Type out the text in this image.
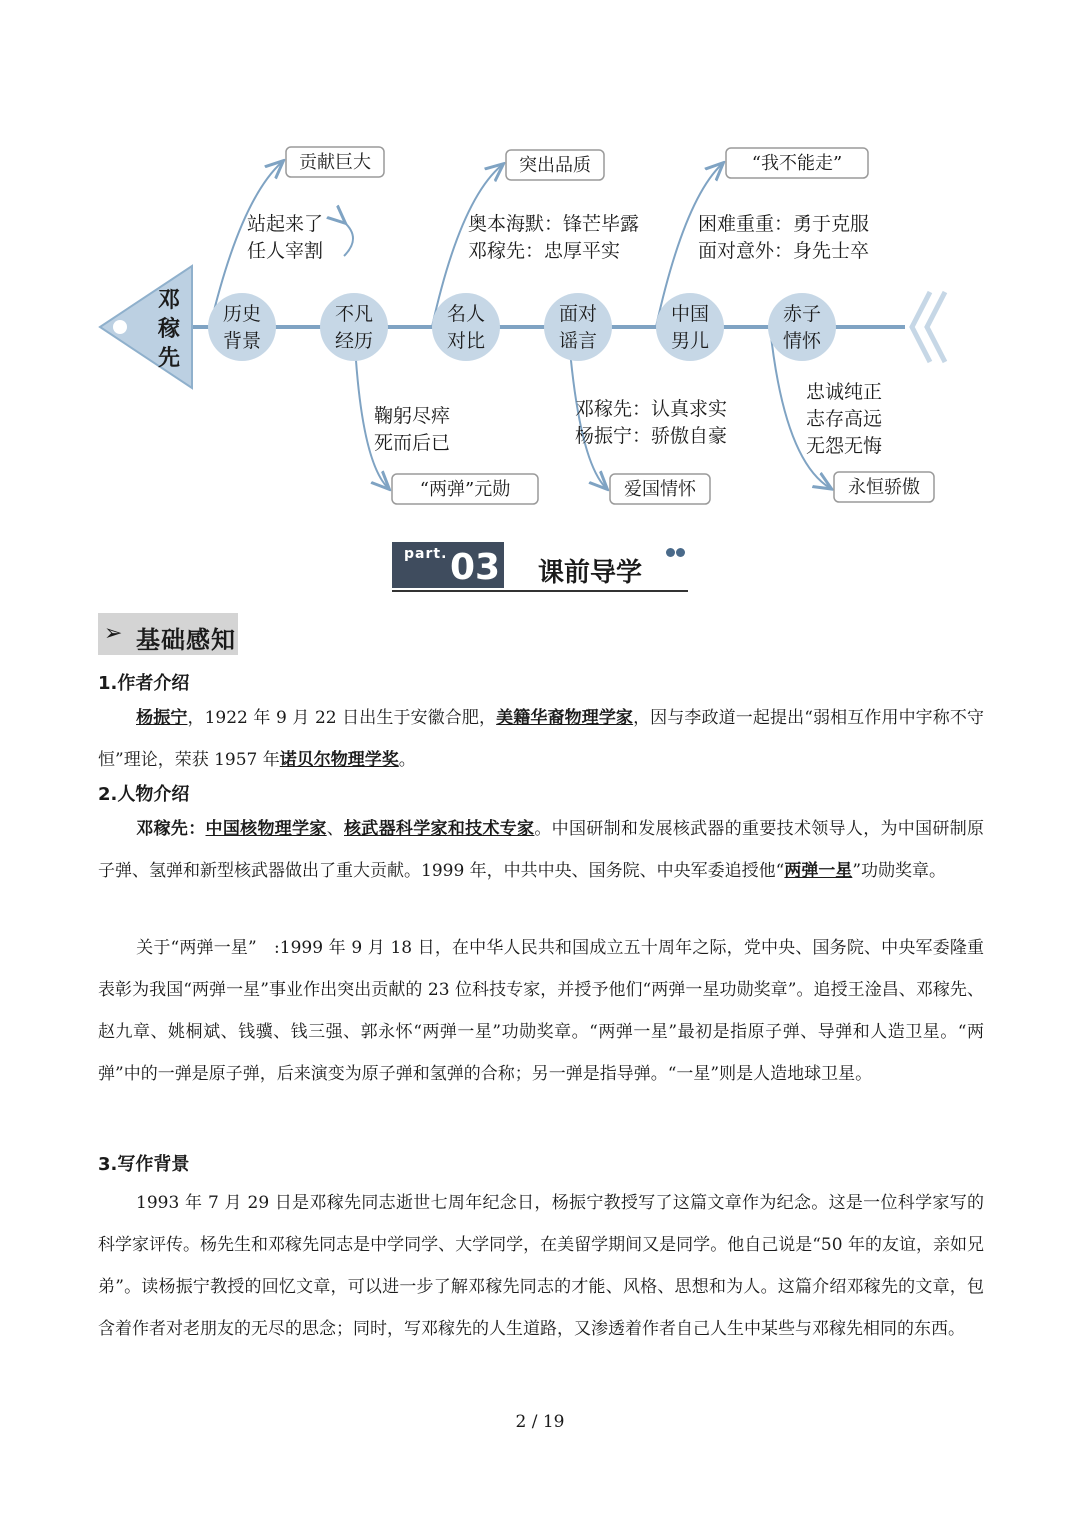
邓
稼
先
贡献巨大	突出品质	“我不能走”
“两弹”元勋	爱国情怀	永恒骄傲
站起来了
任人宰割
奥本海默：锋芒毕露
邓稼先：忠厚平实
困难重重：勇于克服
面对意外：身先士卒
鞠躬尽瘁
死而后已
邓稼先：认真求实
杨振宁：骄傲自豪
忠诚纯正
志存高远
无怨无悔
历史
背景
不凡
经历
名人
对比
面对
谣言
中国
男儿
赤子
情怀
part. 03 课前导学
➢ 基础感知
1.作者介绍

杨振宁，1922 年 9 月 22 日出生于安徽合肥，美籍华裔物理学家，因与李政道一起提出“弱相互作用中宇称不守恒”理论，荣获 1957 年诺贝尔物理学奖。

2.人物介绍

邓稼先：中国核物理学家、核武器科学家和技术专家。中国研制和发展核武器的重要技术领导人，为中国研制原子弹、氢弹和新型核武器做出了重大贡献。1999 年，中共中央、国务院、中央军委追授他“两弹一星”功勋奖章。

关于“两弹一星”　:1999 年 9 月 18 日，在中华人民共和国成立五十周年之际，党中央、国务院、中央军委隆重表彰为我国“两弹一星”事业作出突出贡献的 23 位科技专家，并授予他们“两弹一星功勋奖章”。追授王淦昌、邓稼先、赵九章、姚桐斌、钱骥、钱三强、郭永怀“两弹一星”功勋奖章。“两弹一星”最初是指原子弹、导弹和人造卫星。“两弹”中的一弹是原子弹，后来演变为原子弹和氢弹的合称；另一弹是指导弹。“一星”则是人造地球卫星。

3.写作背景

1993 年 7 月 29 日是邓稼先同志逝世七周年纪念日，杨振宁教授写了这篇文章作为纪念。这是一位科学家写的科学家评传。杨先生和邓稼先同志是中学同学、大学同学，在美留学期间又是同学。他自己说是“50 年的友谊，亲如兄弟”。读杨振宁教授的回忆文章，可以进一步了解邓稼先同志的才能、风格、思想和为人。这篇介绍邓稼先的文章，包含着作者对老朋友的无尽的思念；同时，写邓稼先的人生道路，又渗透着作者自己人生中某些与邓稼先相同的东西。

2 / 19
